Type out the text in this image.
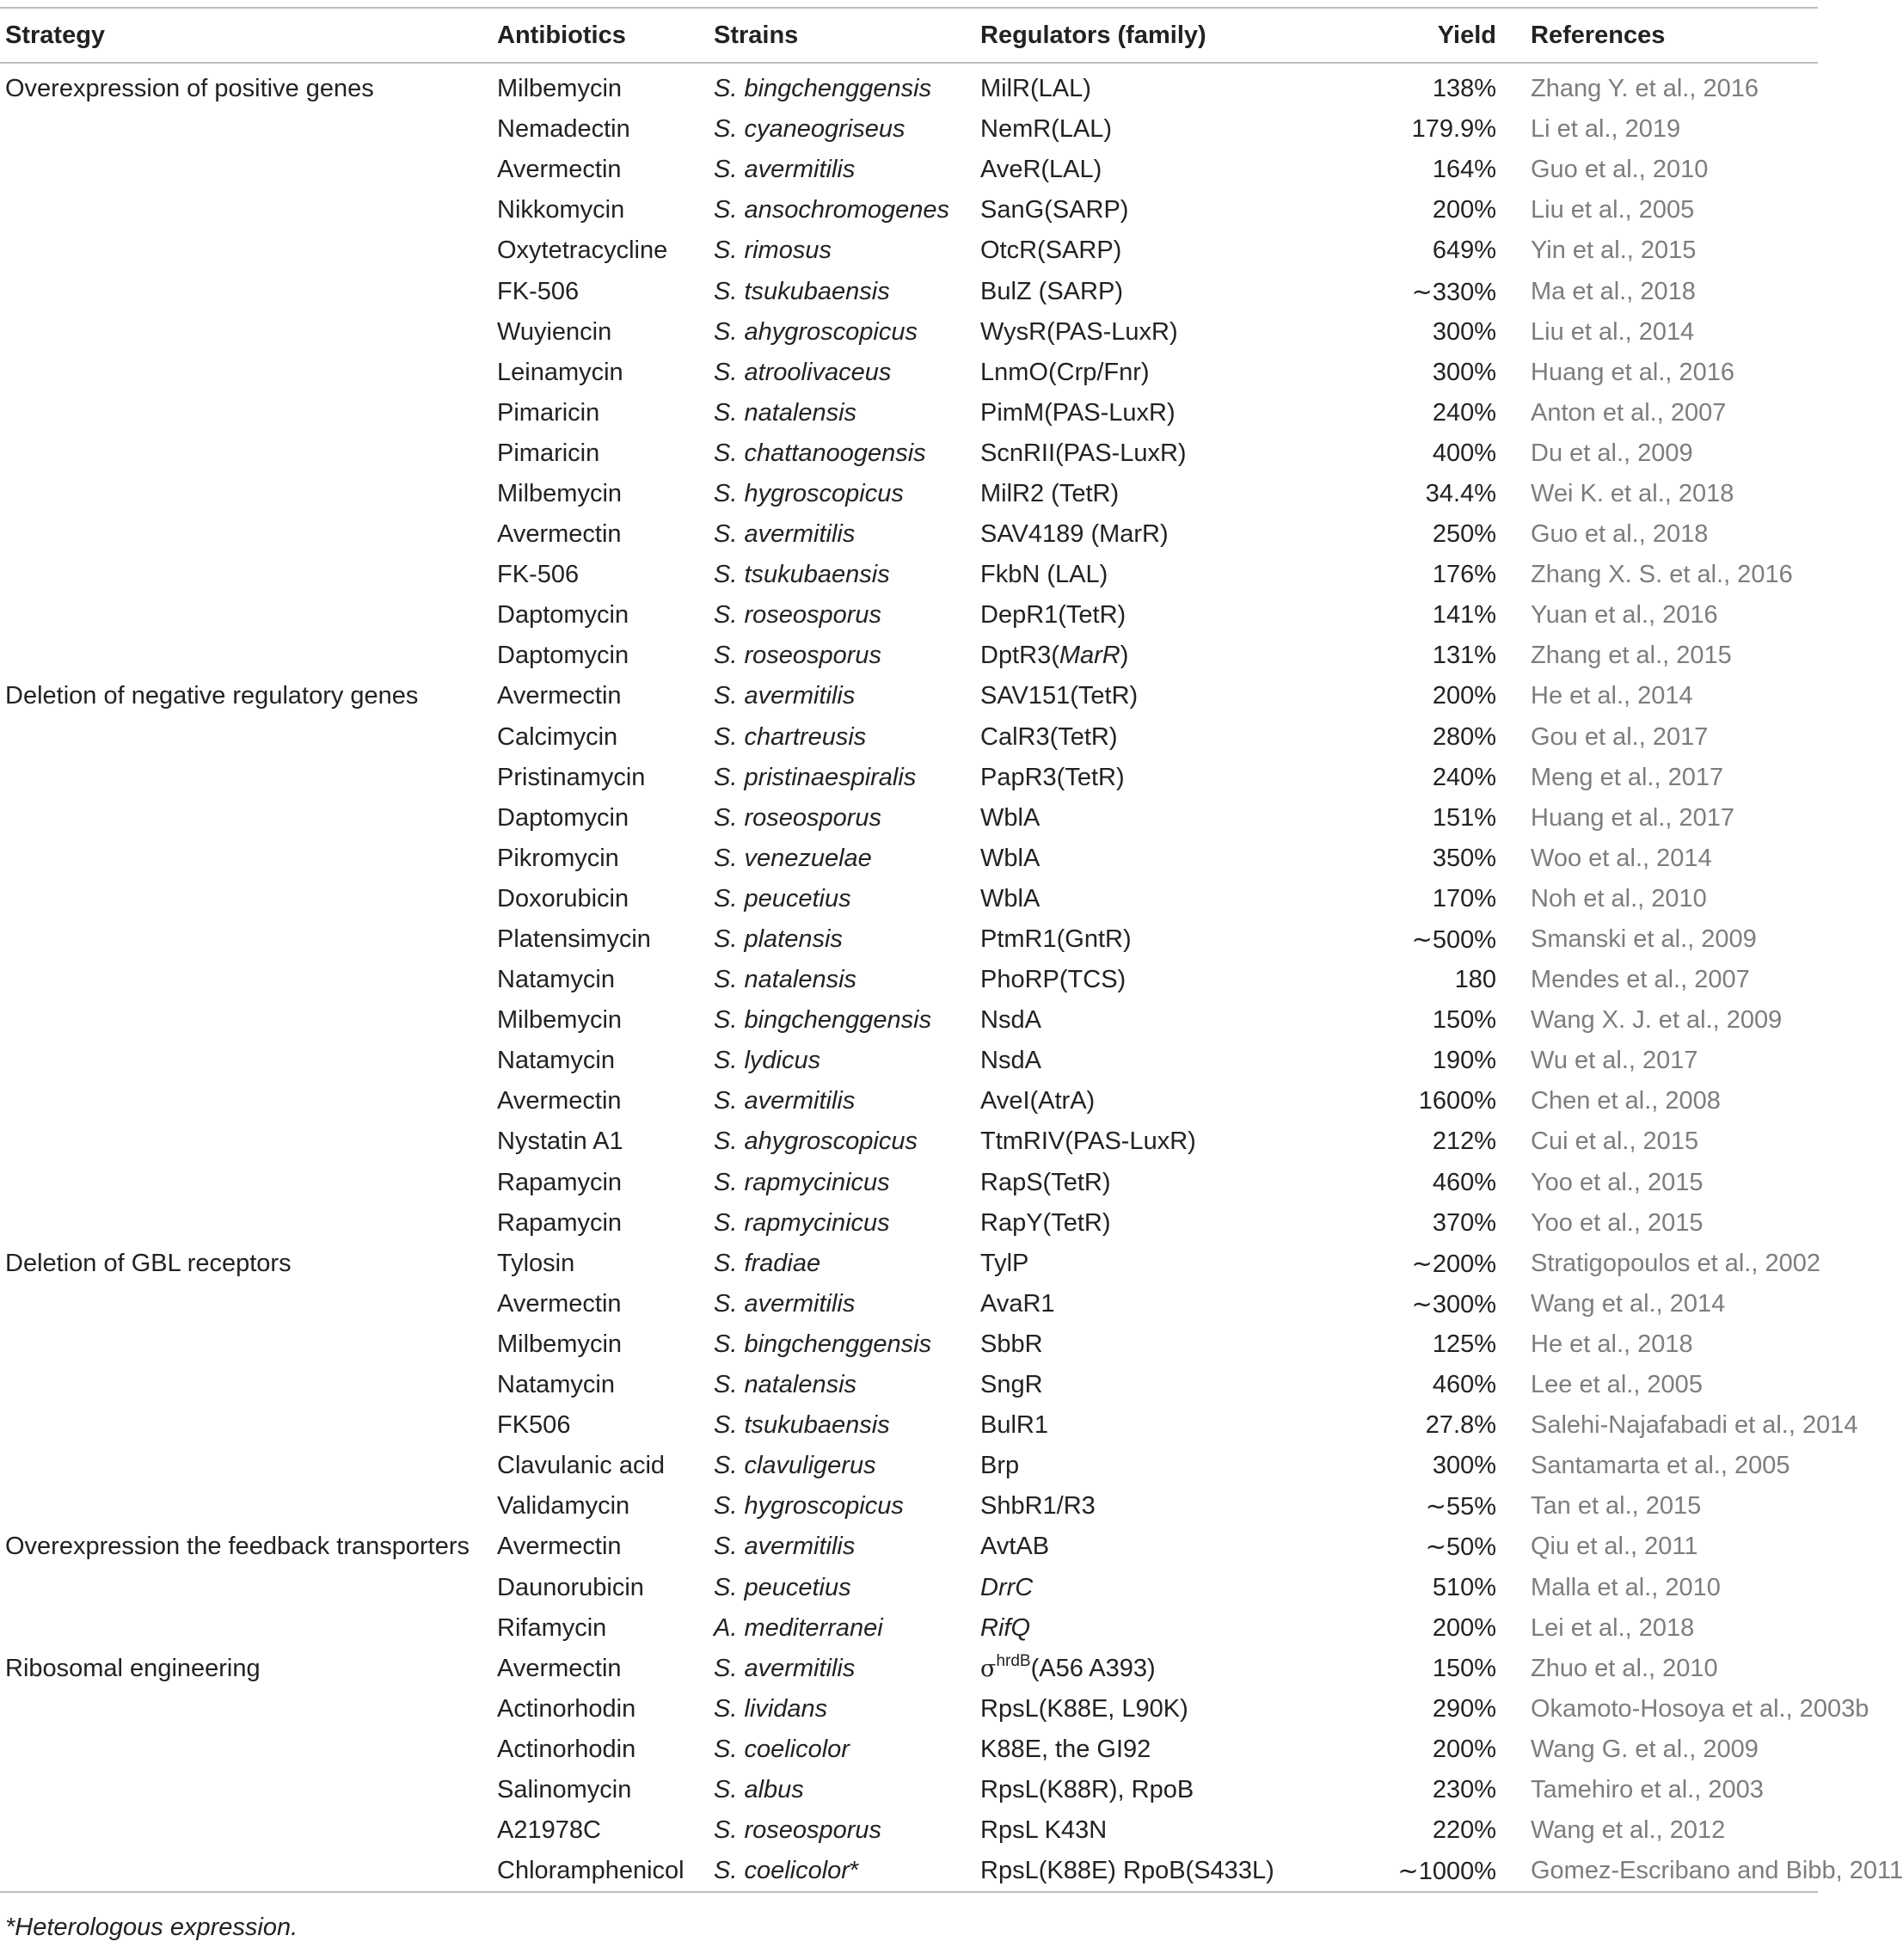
Strategy	Antibiotics	Strains	Regulators (family)	Yield		References
Overexpression of positive genes	Milbemycin	S. bingchenggensis	MilR(LAL)	138%		Zhang Y. et al., 2016
	Nemadectin	S. cyaneogriseus	NemR(LAL)	179.9%		Li et al., 2019
	Avermectin	S. avermitilis	AveR(LAL)	164%		Guo et al., 2010
	Nikkomycin	S. ansochromogenes	SanG(SARP)	200%		Liu et al., 2005
	Oxytetracycline	S. rimosus	OtcR(SARP)	649%		Yin et al., 2015
	FK-506	S. tsukubaensis	BulZ (SARP)	∼330%		Ma et al., 2018
	Wuyiencin	S. ahygroscopicus	WysR(PAS-LuxR)	300%		Liu et al., 2014
	Leinamycin	S. atroolivaceus	LnmO(Crp/Fnr)	300%		Huang et al., 2016
	Pimaricin	S. natalensis	PimM(PAS-LuxR)	240%		Anton et al., 2007
	Pimaricin	S. chattanoogensis	ScnRII(PAS-LuxR)	400%		Du et al., 2009
	Milbemycin	S. hygroscopicus	MilR2 (TetR)	34.4%		Wei K. et al., 2018
	Avermectin	S. avermitilis	SAV4189 (MarR)	250%		Guo et al., 2018
	FK-506	S. tsukubaensis	FkbN (LAL)	176%		Zhang X. S. et al., 2016
	Daptomycin	S. roseosporus	DepR1(TetR)	141%		Yuan et al., 2016
	Daptomycin	S. roseosporus	DptR3(MarR)	131%		Zhang et al., 2015
Deletion of negative regulatory genes	Avermectin	S. avermitilis	SAV151(TetR)	200%		He et al., 2014
	Calcimycin	S. chartreusis	CalR3(TetR)	280%		Gou et al., 2017
	Pristinamycin	S. pristinaespiralis	PapR3(TetR)	240%		Meng et al., 2017
	Daptomycin	S. roseosporus	WblA	151%		Huang et al., 2017
	Pikromycin	S. venezuelae	WblA	350%		Woo et al., 2014
	Doxorubicin	S. peucetius	WblA	170%		Noh et al., 2010
	Platensimycin	S. platensis	PtmR1(GntR)	∼500%		Smanski et al., 2009
	Natamycin	S. natalensis	PhoRP(TCS)	180		Mendes et al., 2007
	Milbemycin	S. bingchenggensis	NsdA	150%		Wang X. J. et al., 2009
	Natamycin	S. lydicus	NsdA	190%		Wu et al., 2017
	Avermectin	S. avermitilis	AveI(AtrA)	1600%		Chen et al., 2008
	Nystatin A1	S. ahygroscopicus	TtmRIV(PAS-LuxR)	212%		Cui et al., 2015
	Rapamycin	S. rapmycinicus	RapS(TetR)	460%		Yoo et al., 2015
	Rapamycin	S. rapmycinicus	RapY(TetR)	370%		Yoo et al., 2015
Deletion of GBL receptors	Tylosin	S. fradiae	TylP	∼200%		Stratigopoulos et al., 2002
	Avermectin	S. avermitilis	AvaR1	∼300%		Wang et al., 2014
	Milbemycin	S. bingchenggensis	SbbR	125%		He et al., 2018
	Natamycin	S. natalensis	SngR	460%		Lee et al., 2005
	FK506	S. tsukubaensis	BulR1	27.8%		Salehi-Najafabadi et al., 2014
	Clavulanic acid	S. clavuligerus	Brp	300%		Santamarta et al., 2005
	Validamycin	S. hygroscopicus	ShbR1/R3	∼55%		Tan et al., 2015
Overexpression the feedback transporters	Avermectin	S. avermitilis	AvtAB	∼50%		Qiu et al., 2011
	Daunorubicin	S. peucetius	DrrC	510%		Malla et al., 2010
	Rifamycin	A. mediterranei	RifQ	200%		Lei et al., 2018
Ribosomal engineering	Avermectin	S. avermitilis	$\sigma^{hrdB}(A56$ A393)	150%		Zhuo et al., 2010
	Actinorhodin	S. lividans	RpsL(K88E, L90K)	290%		Okamoto-Hosoya et al., 2003b
	Actinorhodin	S. coelicolor	K88E, the GI92	200%		Wang G. et al., 2009
	Salinomycin	S. albus	RpsL(K88R), RpoB	230%		Tamehiro et al., 2003
	A21978C	S. roseosporus	RpsL K43N	220%		Wang et al., 2012
	Chloramphenicol	S. coelicolor*	RpsL(K88E) RpoB(S433L)	∼1000%		Gomez-Escribano and Bibb, 2011
*Heterologous expression.
